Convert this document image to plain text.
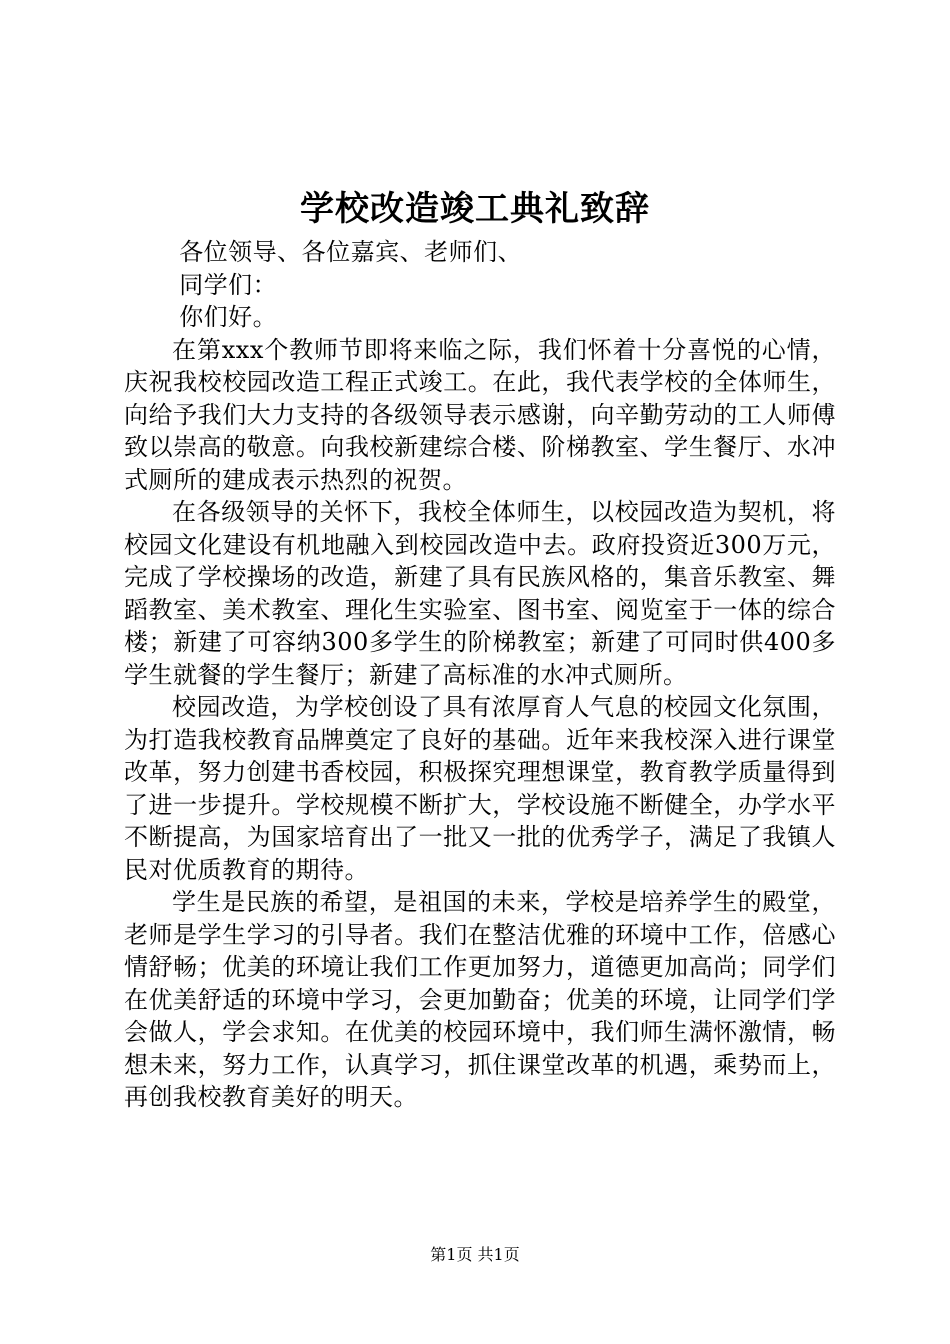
学校改造竣工典礼致辞

各位领导、各位嘉宾、老师们、

同学们：

你们好。

在第xxx个教师节即将来临之际，我们怀着十分喜悦的心情，庆祝我校校园改造工程正式竣工。在此，我代表学校的全体师生，向给予我们大力支持的各级领导表示感谢，向辛勤劳动的工人师傅致以崇高的敬意。向我校新建综合楼、阶梯教室、学生餐厅、水冲式厕所的建成表示热烈的祝贺。

在各级领导的关怀下，我校全体师生，以校园改造为契机，将校园文化建设有机地融入到校园改造中去。政府投资近300万元，完成了学校操场的改造，新建了具有民族风格的，集音乐教室、舞蹈教室、美术教室、理化生实验室、图书室、阅览室于一体的综合楼；新建了可容纳300多学生的阶梯教室；新建了可同时供400多学生就餐的学生餐厅；新建了高标准的水冲式厕所。

校园改造，为学校创设了具有浓厚育人气息的校园文化氛围，为打造我校教育品牌奠定了良好的基础。近年来我校深入进行课堂改革，努力创建书香校园，积极探究理想课堂，教育教学质量得到了进一步提升。学校规模不断扩大，学校设施不断健全，办学水平不断提高，为国家培育出了一批又一批的优秀学子，满足了我镇人民对优质教育的期待。

学生是民族的希望，是祖国的未来，学校是培养学生的殿堂，老师是学生学习的引导者。我们在整洁优雅的环境中工作，倍感心情舒畅；优美的环境让我们工作更加努力，道德更加高尚；同学们在优美舒适的环境中学习，会更加勤奋；优美的环境，让同学们学会做人，学会求知。在优美的校园环境中，我们师生满怀激情，畅想未来，努力工作，认真学习，抓住课堂改革的机遇，乘势而上，再创我校教育美好的明天。

第1页 共1页
